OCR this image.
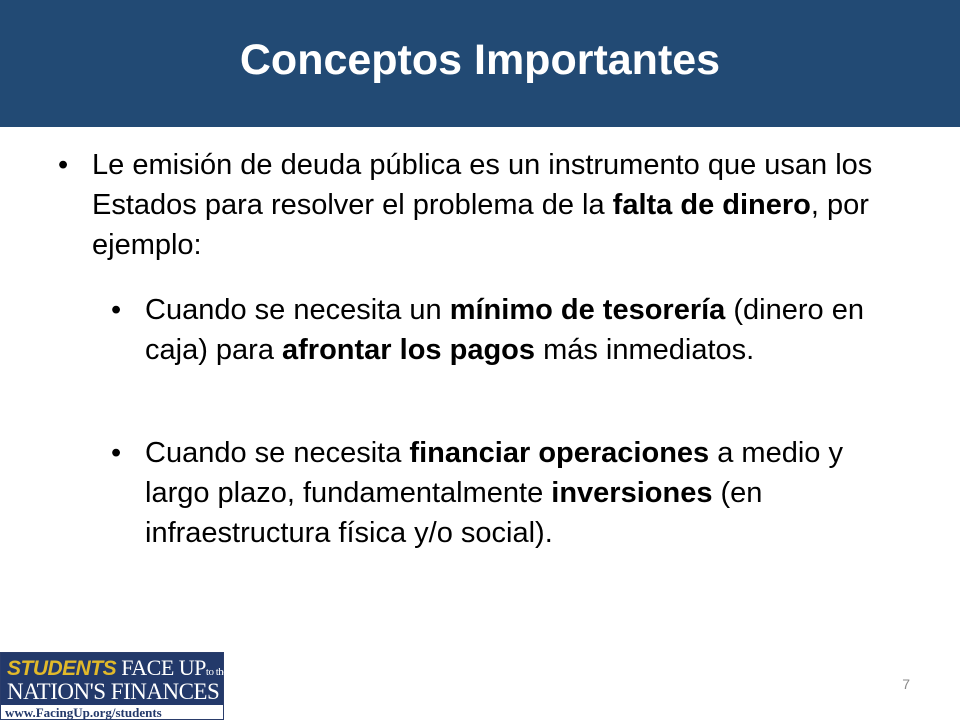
Conceptos Importantes
• Le emisión de deuda pública es un instrumento que usan los Estados para resolver el problema de la falta de dinero, por ejemplo:
• Cuando se necesita un mínimo de tesorería (dinero en caja) para afrontar los pagos más inmediatos.
• Cuando se necesita financiar operaciones a medio y largo plazo, fundamentalmente inversiones (en infraestructura física y/o social).
STUDENTS FACE UPto the
NATION'S FINANCES
www.FacingUp.org/students
7
